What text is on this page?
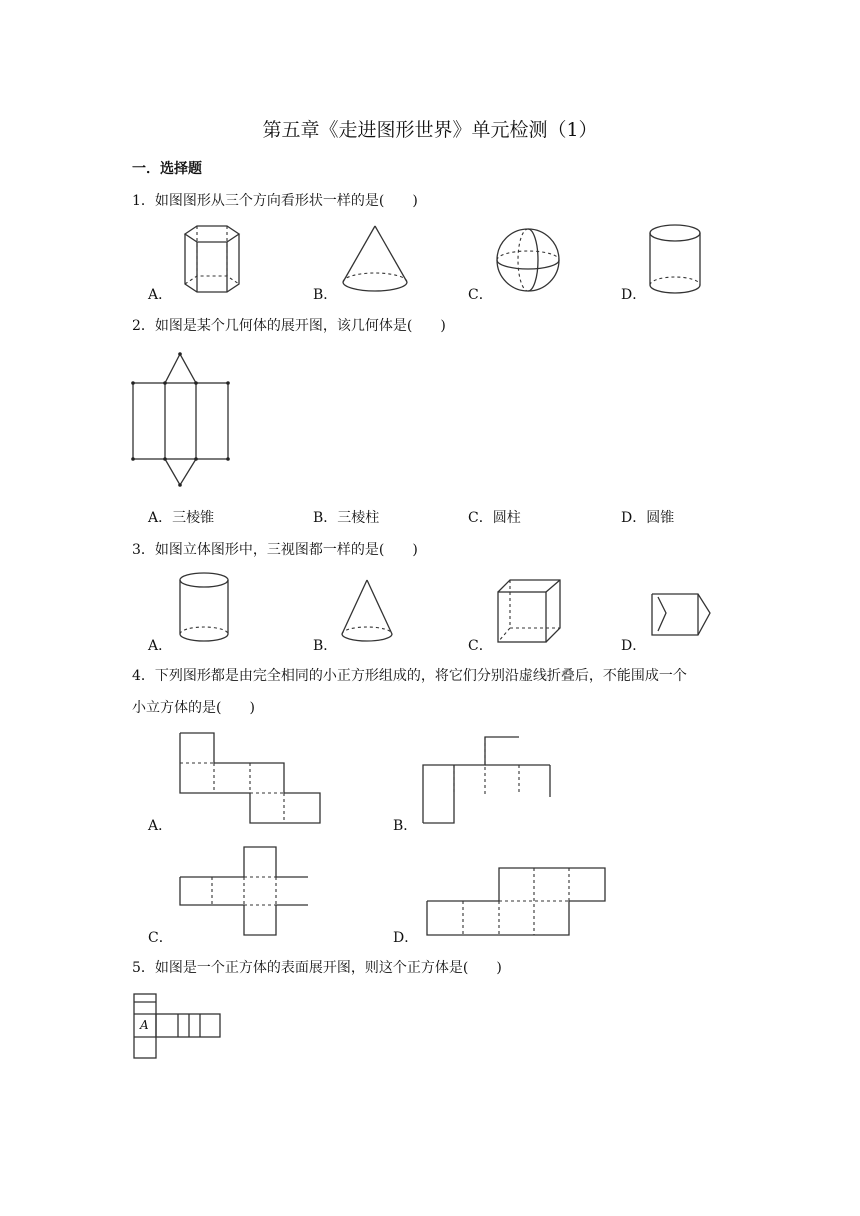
第五章《走进图形世界》单元检测（1）
一．选择题
1．如图图形从三个方向看形状一样的是(　　)
A．	B．	C．	D．
2．如图是某个几何体的展开图，该几何体是(　　)
A．三棱锥	B．三棱柱	C．圆柱	D．圆锥
3．如图立体图形中，三视图都一样的是(　　)
A．	B．	C．	D．
4．下列图形都是由完全相同的小正方形组成的，将它们分别沿虚线折叠后，不能围成一个
小立方体的是(　　)
A．	B．
C．	D．
5．如图是一个正方体的表面展开图，则这个正方体是(　　)
A
